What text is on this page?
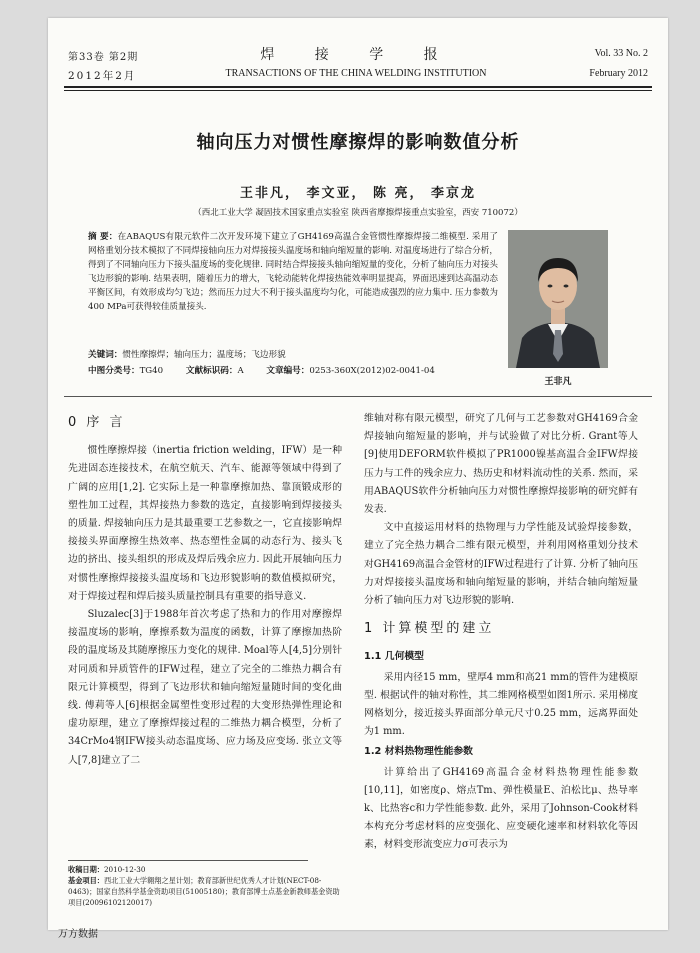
第33卷 第2期
2012年2月
焊 接 学 报
TRANSACTIONS OF THE CHINA WELDING INSTITUTION
Vol. 33 No. 2
February 2012
轴向压力对惯性摩擦焊的影响数值分析
王非凡， 李文亚， 陈 亮， 李京龙
（西北工业大学 凝固技术国家重点实验室 陕西省摩擦焊接重点实验室，西安 710072）
摘 要：在ABAQUS有限元软件二次开发环境下建立了GH4169高温合金管惯性摩擦焊接二维模型. 采用了网格重划分技术模拟了不同焊接轴向压力对焊接接头温度场和轴向缩短量的影响. 对温度场进行了综合分析，得到了不同轴向压力下接头温度场的变化规律. 同时结合焊接接头轴向缩短量的变化，分析了轴向压力对接头飞边形貌的影响. 结果表明，随着压力的增大，飞轮动能转化焊接热能效率明显提高，界面迅速到达高温动态平衡区间，有效形成均匀飞边；然而压力过大不利于接头温度均匀化，可能造成强烈的应力集中. 压力参数为400 MPa可获得较佳质量接头.
关键词：惯性摩擦焊；轴向压力；温度场；飞边形貌
中图分类号：TG40	文献标识码：A	文章编号：0253-360X(2012)02-0041-04
王非凡
0 序 言

惯性摩擦焊接（inertia friction welding，IFW）是一种先进固态连接技术，在航空航天、汽车、能源等领域中得到了广阔的应用[1,2]. 它实际上是一种靠摩擦加热、靠顶锻成形的塑性加工过程，其焊接热力参数的选定，直接影响到焊接接头的质量. 焊接轴向压力是其最重要工艺参数之一，它直接影响焊接接头界面摩擦生热效率、热态塑性金属的动态行为、接头飞边的挤出、接头组织的形成及焊后残余应力. 因此开展轴向压力对惯性摩擦焊接接头温度场和飞边形貌影响的数值模拟研究，对于焊接过程和焊后接头质量控制具有重要的指导意义.

Sluzalec[3]于1988年首次考虑了热和力的作用对摩擦焊接温度场的影响，摩擦系数为温度的函数，计算了摩擦加热阶段的温度场及其随摩擦压力变化的规律. Moal等人[4,5]分别针对同质和异质管件的IFW过程，建立了完全的二维热力耦合有限元计算模型，得到了飞边形状和轴向缩短量随时间的变化曲线. 傅莉等人[6]根据金属塑性变形过程的大变形热弹性理论和虚功原理，建立了摩擦焊接过程的二维热力耦合模型，分析了34CrMo4钢IFW接头动态温度场、应力场及应变场. 张立文等人[7,8]建立了二

维轴对称有限元模型，研究了几何与工艺参数对GH4169合金焊接轴向缩短量的影响，并与试验做了对比分析. Grant等人[9]使用DEFORM软件模拟了PR1000镍基高温合金IFW焊接压力与工件的残余应力、热历史和材料流动性的关系. 然而，采用ABAQUS软件分析轴向压力对惯性摩擦焊接影响的研究鲜有发表.

文中直接运用材料的热物理与力学性能及试验焊接参数，建立了完全热力耦合二维有限元模型，并利用网格重划分技术对GH4169高温合金管材的IFW过程进行了计算. 分析了轴向压力对焊接接头温度场和轴向缩短量的影响，并结合轴向缩短量分析了轴向压力对飞边形貌的影响.

1 计算模型的建立
1.1 几何模型

采用内径15 mm，壁厚4 mm和高21 mm的管件为建模原型. 根据试件的轴对称性，其二维网格模型如图1所示. 采用梯度网格划分，接近接头界面部分单元尺寸0.25 mm，远离界面处为1 mm.

1.2 材料热物理性能参数

计算给出了GH4169高温合金材料热物理性能参数[10,11]，如密度ρ、熔点Tm、弹性模量E、泊松比μ、热导率k、比热容c和力学性能参数. 此外，采用了Johnson-Cook材料本构充分考虑材料的应变强化、应变硬化速率和材料软化等因素，材料变形流变应力σ可表示为

收稿日期：2010-12-30
基金项目：西北工业大学翱翔之星计划；教育部新世纪优秀人才计划(NECT-08-0463)；国家自然科学基金资助项目(51005180)；教育部博士点基金新教师基金资助项目(20096102120017)
万方数据
